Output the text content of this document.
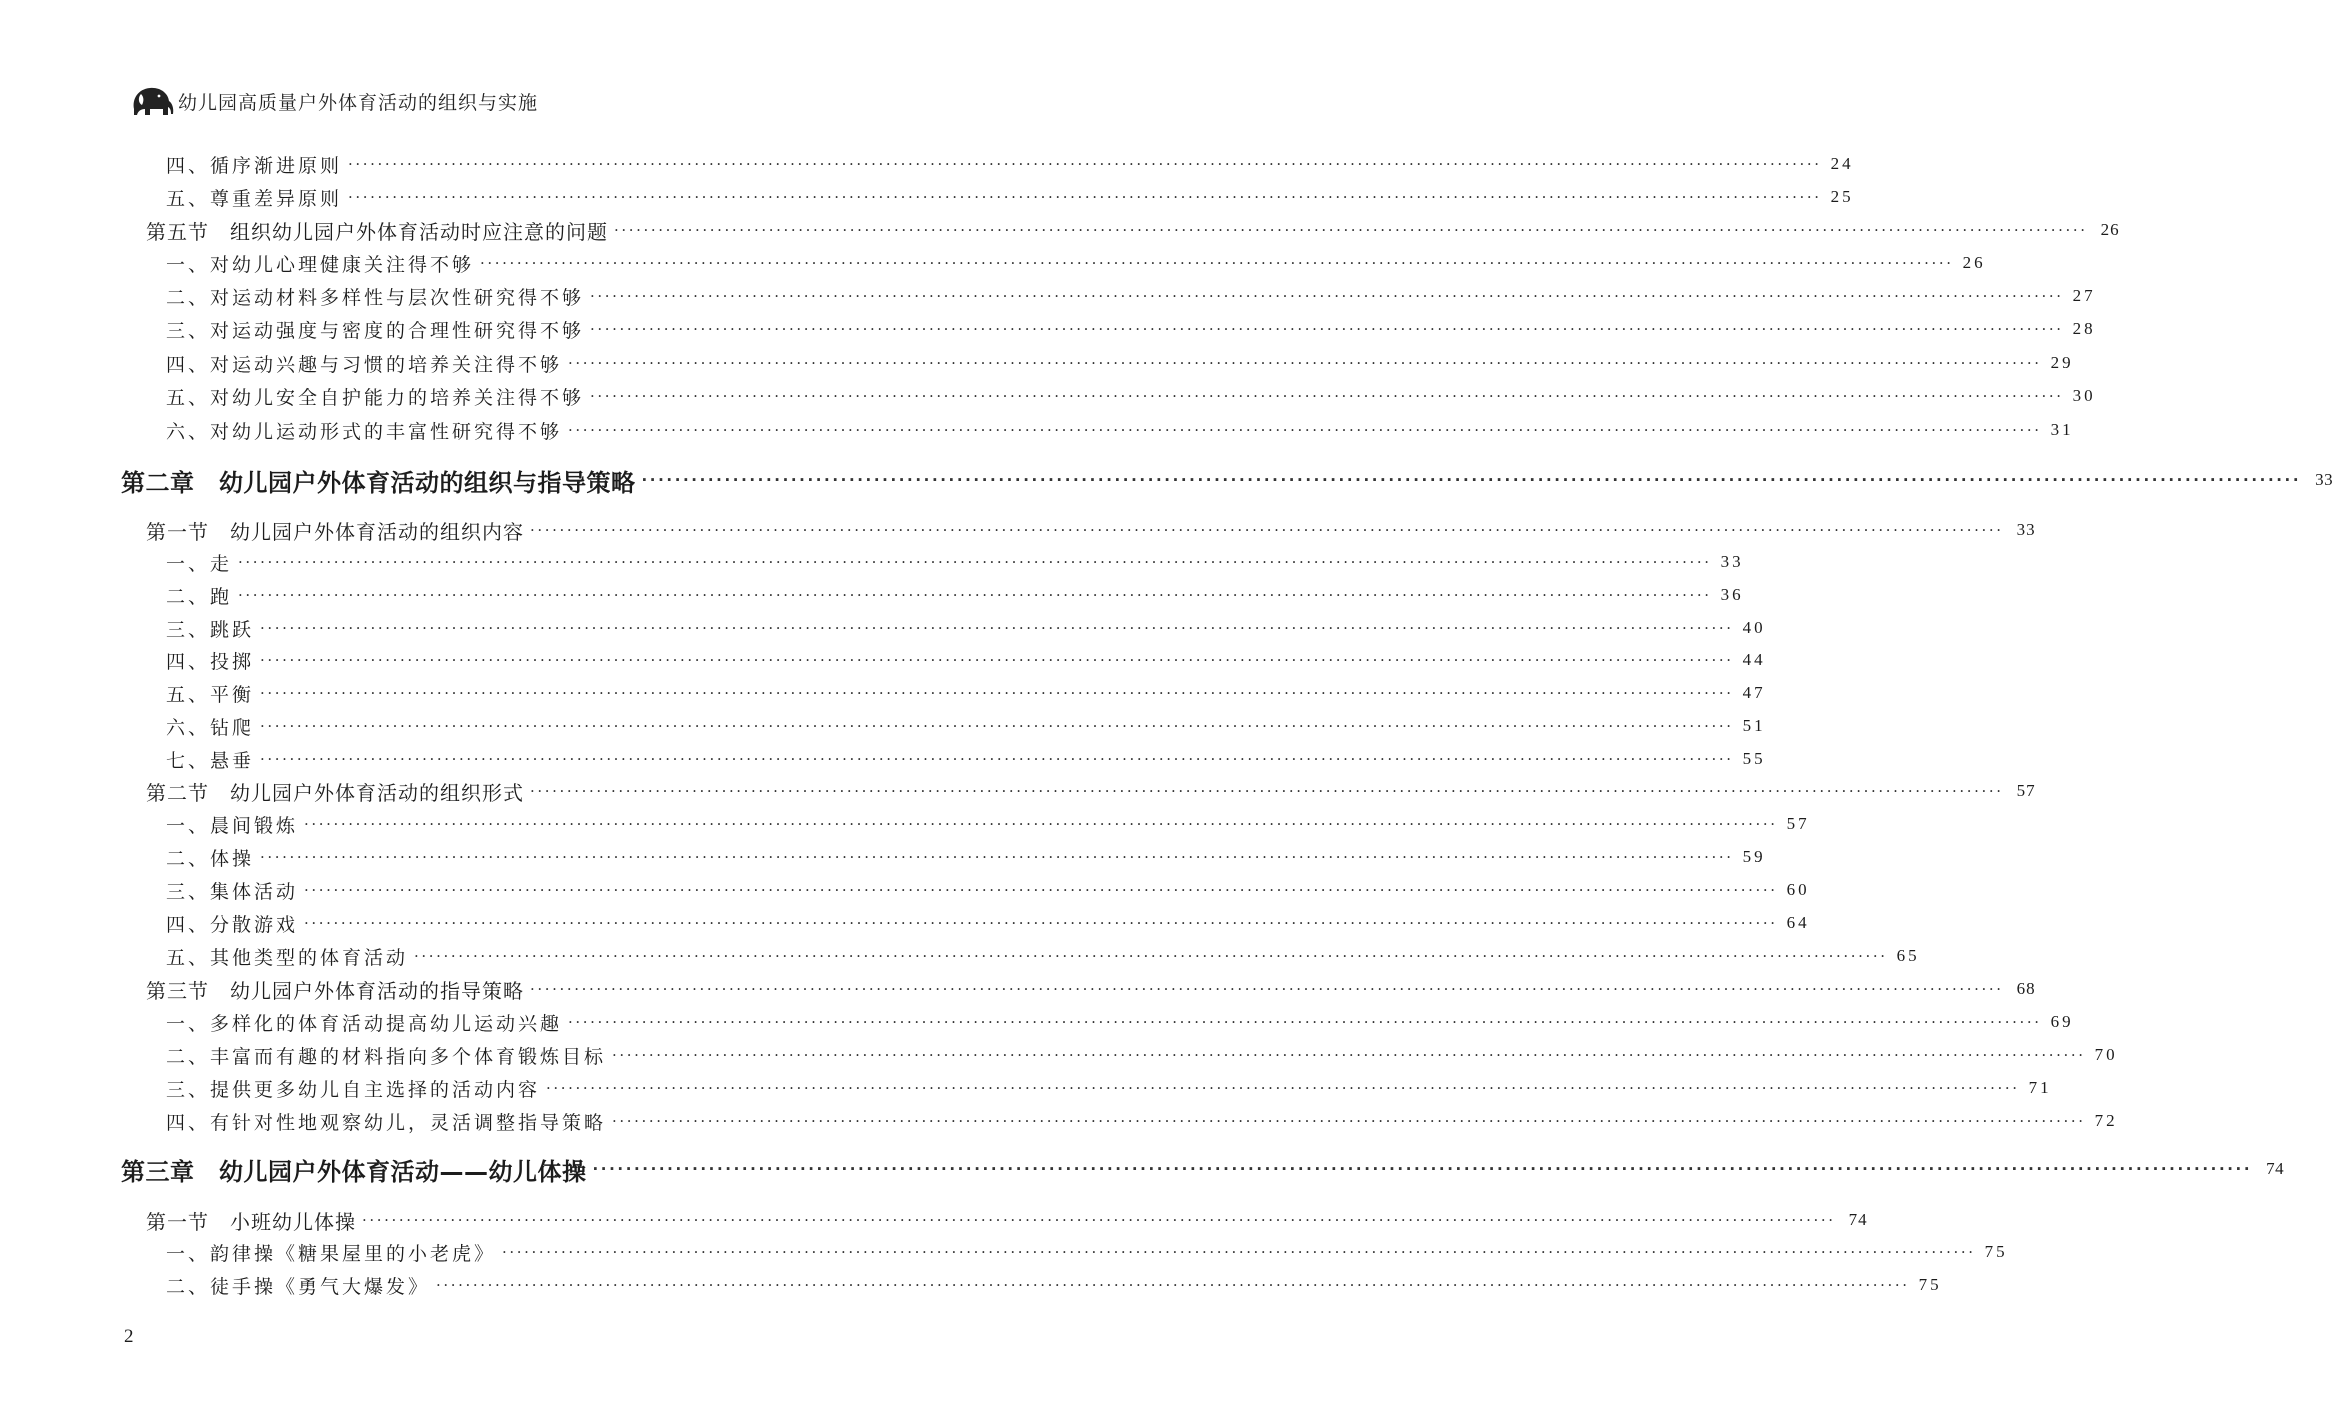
幼儿园高质量户外体育活动的组织与实施
四、循序渐进原则 ········································································································································································································ 24
五、尊重差异原则 ········································································································································································································ 25
第五节　组织幼儿园户外体育活动时应注意的问题 ········································································································································································································ 26
一、对幼儿心理健康关注得不够 ········································································································································································································ 26
二、对运动材料多样性与层次性研究得不够 ········································································································································································································ 27
三、对运动强度与密度的合理性研究得不够 ········································································································································································································ 28
四、对运动兴趣与习惯的培养关注得不够 ········································································································································································································ 29
五、对幼儿安全自护能力的培养关注得不够 ········································································································································································································ 30
六、对幼儿运动形式的丰富性研究得不够 ········································································································································································································ 31
第二章　幼儿园户外体育活动的组织与指导策略 ········································································································································································································ 33
第一节　幼儿园户外体育活动的组织内容 ········································································································································································································ 33
一、走 ········································································································································································································ 33
二、跑 ········································································································································································································ 36
三、跳跃 ········································································································································································································ 40
四、投掷 ········································································································································································································ 44
五、平衡 ········································································································································································································ 47
六、钻爬 ········································································································································································································ 51
七、悬垂 ········································································································································································································ 55
第二节　幼儿园户外体育活动的组织形式 ········································································································································································································ 57
一、晨间锻炼 ········································································································································································································ 57
二、体操 ········································································································································································································ 59
三、集体活动 ········································································································································································································ 60
四、分散游戏 ········································································································································································································ 64
五、其他类型的体育活动 ········································································································································································································ 65
第三节　幼儿园户外体育活动的指导策略 ········································································································································································································ 68
一、多样化的体育活动提高幼儿运动兴趣 ········································································································································································································ 69
二、丰富而有趣的材料指向多个体育锻炼目标 ········································································································································································································ 70
三、提供更多幼儿自主选择的活动内容 ········································································································································································································ 71
四、有针对性地观察幼儿，灵活调整指导策略 ········································································································································································································ 72
第三章　幼儿园户外体育活动——幼儿体操 ········································································································································································································ 74
第一节　小班幼儿体操 ········································································································································································································ 74
一、韵律操《糖果屋里的小老虎》 ········································································································································································································ 75
二、徒手操《勇气大爆发》 ········································································································································································································ 75
2
